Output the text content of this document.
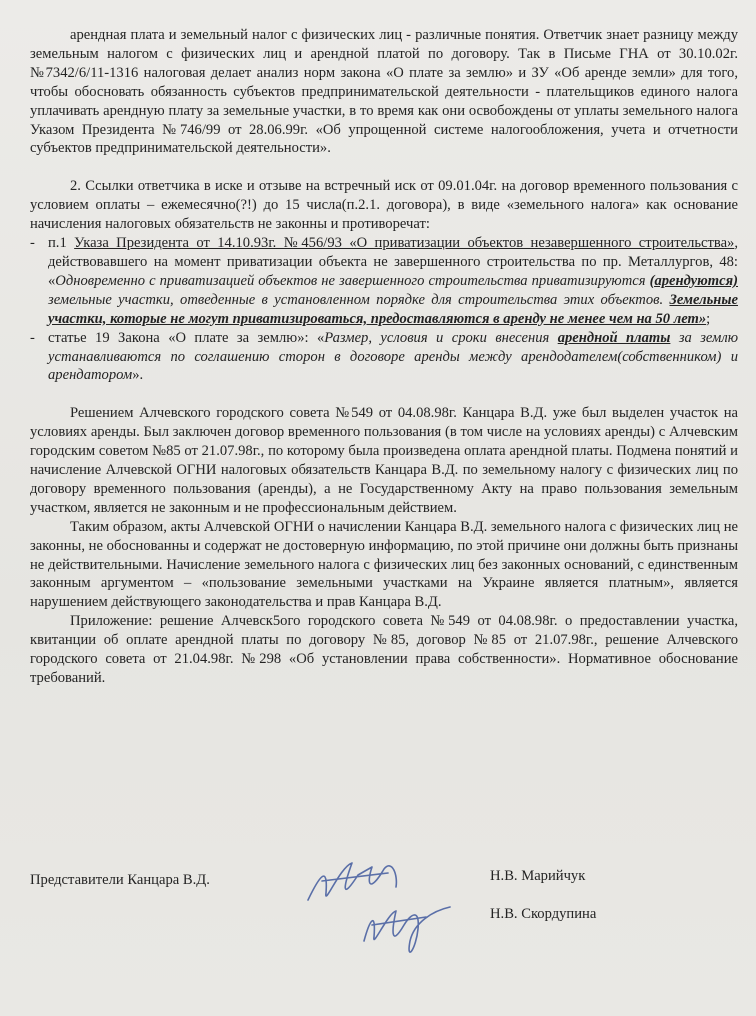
арендная плата и земельный налог с физических лиц - различные понятия. Ответчик знает разницу между земельным налогом с физических лиц и арендной платой по договору. Так в Письме ГНА от 30.10.02г. №7342/6/11-1316 налоговая делает анализ норм закона «О плате за землю» и ЗУ «Об аренде земли» для того, чтобы обосновать обязанность субъектов предпринимательской деятельности - плательщиков единого налога уплачивать арендную плату за земельные участки, в то время как они освобождены от уплаты земельного налога Указом Президента №746/99 от 28.06.99г. «Об упрощенной системе налогообложения, учета и отчетности субъектов предпринимательской деятельности».

2. Ссылки ответчика в иске и отзыве на встречный иск от 09.01.04г. на договор временного пользования с условием оплаты – ежемесячно(?!) до 15 числа(п.2.1. договора), в виде «земельного налога» как основание начисления налоговых обязательств не законны и противоречат:

- п.1 Указа Президента от 14.10.93г. №456/93 «О приватизации объектов незавершенного строительства», действовавшего на момент приватизации объекта не завершенного строительства по пр. Металлургов, 48: «Одновременно с приватизацией объектов не завершенного строительства приватизируются (арендуются) земельные участки, отведенные в установленном порядке для строительства этих объектов. Земельные участки, которые не могут приватизироваться, предоставляются в аренду не менее чем на 50 лет»;
- статье 19 Закона «О плате за землю»: «Размер, условия и сроки внесения арендной платы за землю устанавливаются по соглашению сторон в договоре аренды между арендодателем(собственником) и арендатором».

Решением Алчевского городского совета №549 от 04.08.98г. Канцара В.Д. уже был выделен участок на условиях аренды. Был заключен договор временного пользования (в том числе на условиях аренды) с Алчевским городским советом №85 от 21.07.98г., по которому была произведена оплата арендной платы. Подмена понятий и начисление Алчевской ОГНИ налоговых обязательств Канцара В.Д. по земельному налогу с физических лиц по договору временного пользования (аренды), а не Государственному Акту на право пользования земельным участком, является не законным и не профессиональным действием.

Таким образом, акты Алчевской ОГНИ о начислении Канцара В.Д. земельного налога с физических лиц не законны, не обоснованны и содержат не достоверную информацию, по этой причине они должны быть признаны не действительными. Начисление земельного налога с физических лиц без законных оснований, с единственным законным аргументом – «пользование земельными участками на Украине является платным», является нарушением действующего законодательства и прав Канцара В.Д.

Приложение: решение Алчевск5ого городского совета №549 от 04.08.98г. о предоставлении участка, квитанции об оплате арендной платы по договору №85, договор №85 от 21.07.98г., решение Алчевского городского совета от 21.04.98г. №298 «Об установлении права собственности». Нормативное обоснование требований.

Представители Канцара В.Д.	Н.В. Марийчук
Н.В. Скордупина
